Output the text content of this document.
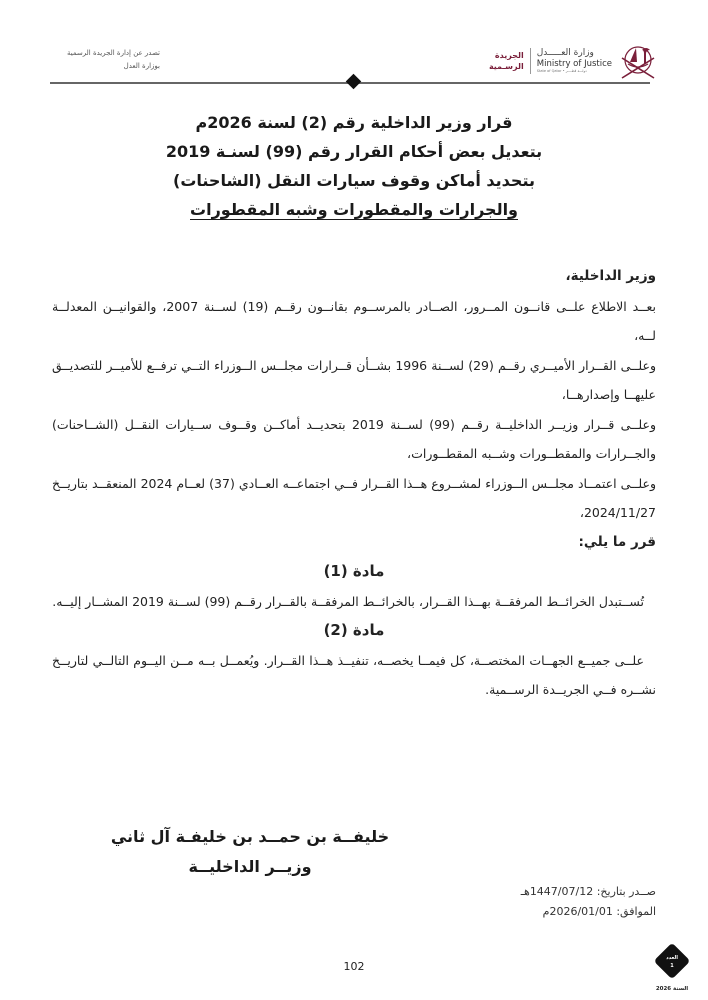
تصدر عن إدارة الجريدة الرسمية
بوزارة العدل
وزارة العـــــدل
Ministry of Justice
State of Qatar • دولـــة قطــــر
الجريدة
الرسـمية
قرار وزير الداخلية رقم (2) لسنة 2026م
بتعديل بعض أحكام القرار رقم (99) لسنـة 2019
بتحديد أماكن وقوف سيارات النقل (الشاحنات)
والجرارات والمقطورات وشبه المقطورات

وزير الداخلية،

بعــد الاطلاع علــى قانــون المــرور، الصــادر بالمرســوم بقانــون رقــم (19) لســنة 2007، والقوانيــن المعدلــة لــه،

وعلــى القــرار الأميــري رقــم (29) لســنة 1996 بشــأن قــرارات مجلــس الــوزراء التــي ترفــع للأميــر للتصديــق عليهــا وإصدارهــا،

وعلــى قــرار وزيــر الداخليــة رقــم (99) لســنة 2019 بتحديــد أماكــن وقــوف ســيارات النقــل (الشــاحنات) والجــرارات والمقطــورات وشــبه المقطــورات،

وعلــى اعتمــاد مجلــس الــوزراء لمشــروع هــذا القــرار فــي اجتماعــه العــادي (37) لعــام 2024 المنعقــد بتاريــخ 2024/11/27،

قرر ما يلي:

مادة (1)

تُســتبدل الخرائــط المرفقــة بهــذا القــرار، بالخرائــط المرفقــة بالقــرار رقــم (99) لســنة 2019 المشــار إليــه.

مادة (2)

علــى جميــع الجهــات المختصــة، كل فيمــا يخصــه، تنفيــذ هــذا القــرار. ويُعمــل بــه مــن اليــوم التالــي لتاريــخ نشــره فــي الجريــدة الرســمية.

خليفــة بن حمــد بن خليفـة آل ثاني
وزيــر الداخليــة
صــدر بتاريخ: 1447/07/12هـ
الموافق: 2026/01/01م
102
العدد
1
السنة 2026
